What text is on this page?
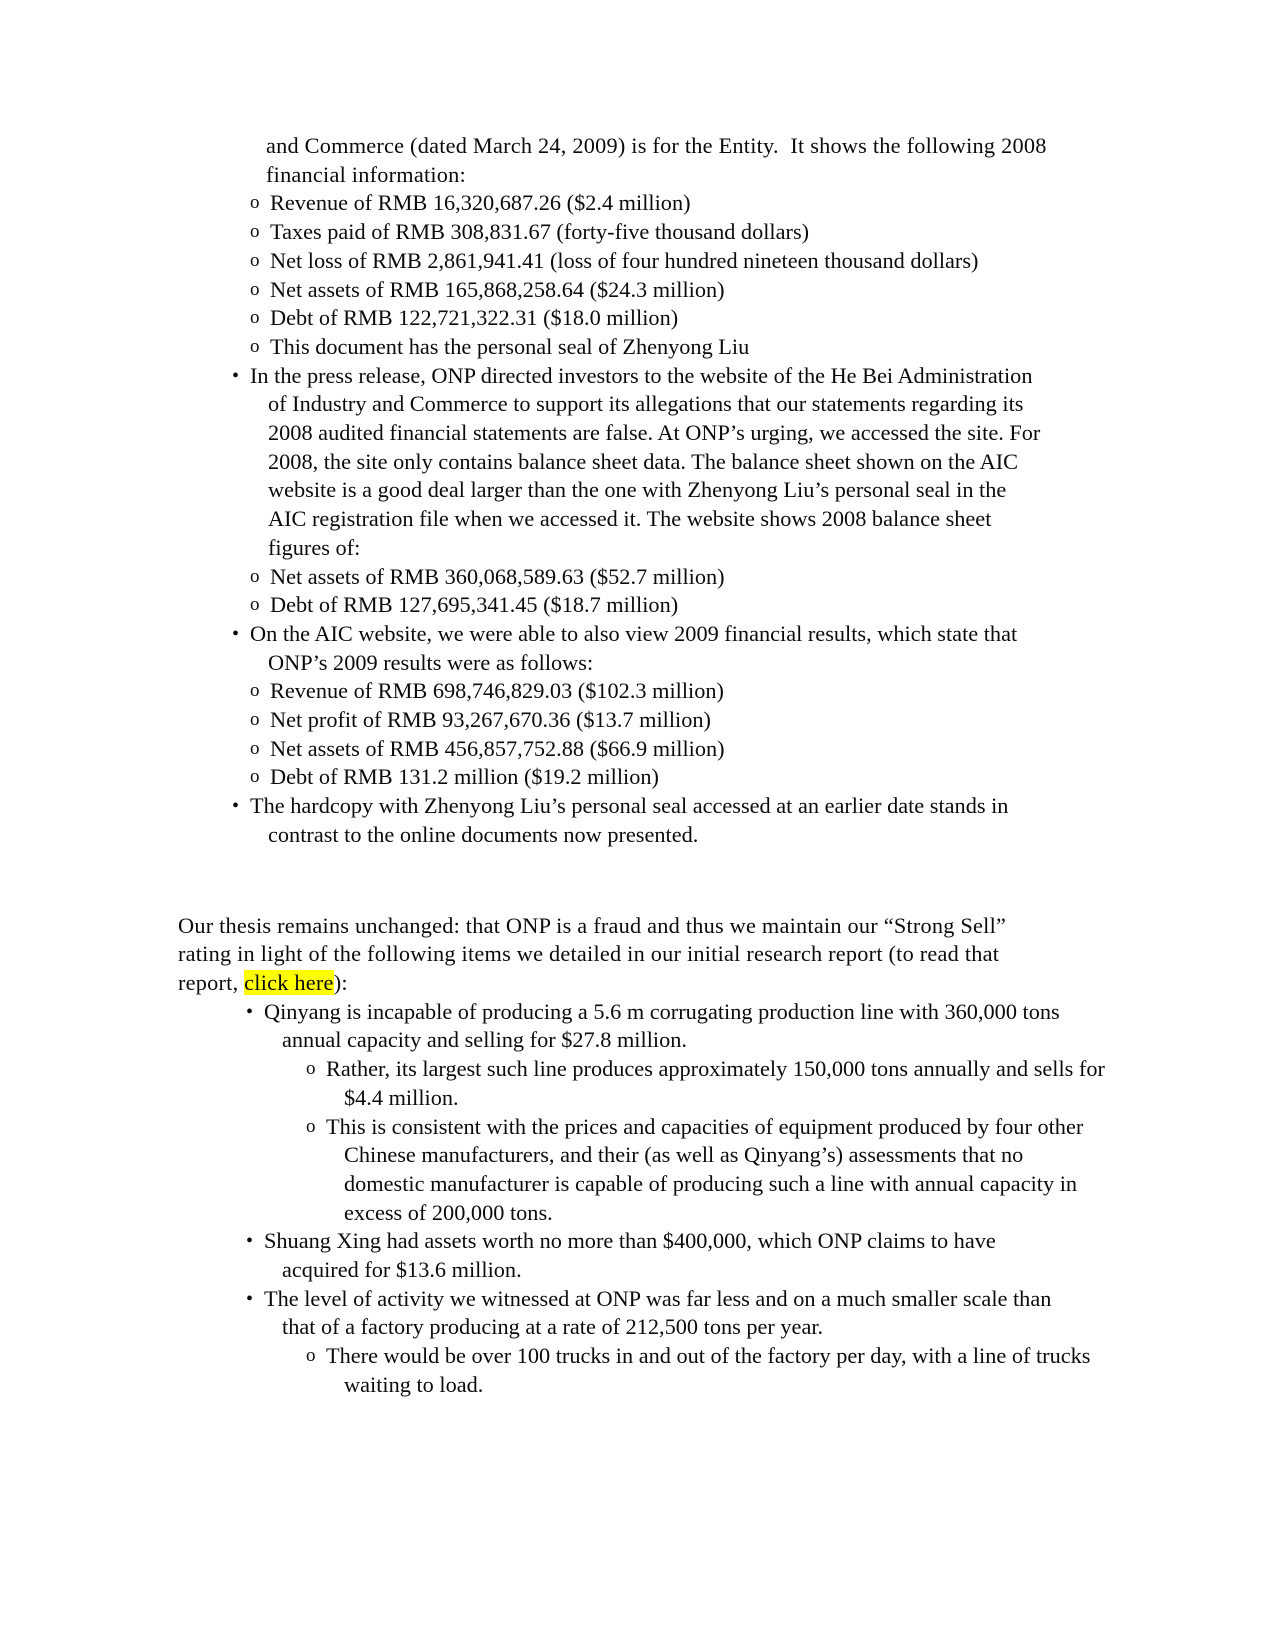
and Commerce (dated March 24, 2009) is for the Entity.  It shows the following 2008 financial information:
o Revenue of RMB 16,320,687.26 ($2.4 million)
o Taxes paid of RMB 308,831.67 (forty-five thousand dollars)
o Net loss of RMB 2,861,941.41 (loss of four hundred nineteen thousand dollars)
o Net assets of RMB 165,868,258.64 ($24.3 million)
o Debt of RMB 122,721,322.31 ($18.0 million)
o This document has the personal seal of Zhenyong Liu
• In the press release, ONP directed investors to the website of the He Bei Administration of Industry and Commerce to support its allegations that our statements regarding its 2008 audited financial statements are false. At ONP’s urging, we accessed the site. For 2008, the site only contains balance sheet data. The balance sheet shown on the AIC website is a good deal larger than the one with Zhenyong Liu’s personal seal in the AIC registration file when we accessed it. The website shows 2008 balance sheet figures of:
o Net assets of RMB 360,068,589.63 ($52.7 million)
o Debt of RMB 127,695,341.45 ($18.7 million)
• On the AIC website, we were able to also view 2009 financial results, which state that ONP’s 2009 results were as follows:
o Revenue of RMB 698,746,829.03 ($102.3 million)
o Net profit of RMB 93,267,670.36 ($13.7 million)
o Net assets of RMB 456,857,752.88 ($66.9 million)
o Debt of RMB 131.2 million ($19.2 million)
• The hardcopy with Zhenyong Liu’s personal seal accessed at an earlier date stands in contrast to the online documents now presented.
Our thesis remains unchanged: that ONP is a fraud and thus we maintain our “Strong Sell” rating in light of the following items we detailed in our initial research report (to read that report, click here):
• Qinyang is incapable of producing a 5.6 m corrugating production line with 360,000 tons annual capacity and selling for $27.8 million.
o Rather, its largest such line produces approximately 150,000 tons annually and sells for $4.4 million.
o This is consistent with the prices and capacities of equipment produced by four other Chinese manufacturers, and their (as well as Qinyang’s) assessments that no domestic manufacturer is capable of producing such a line with annual capacity in excess of 200,000 tons.
• Shuang Xing had assets worth no more than $400,000, which ONP claims to have acquired for $13.6 million.
• The level of activity we witnessed at ONP was far less and on a much smaller scale than that of a factory producing at a rate of 212,500 tons per year.
o There would be over 100 trucks in and out of the factory per day, with a line of trucks waiting to load.
